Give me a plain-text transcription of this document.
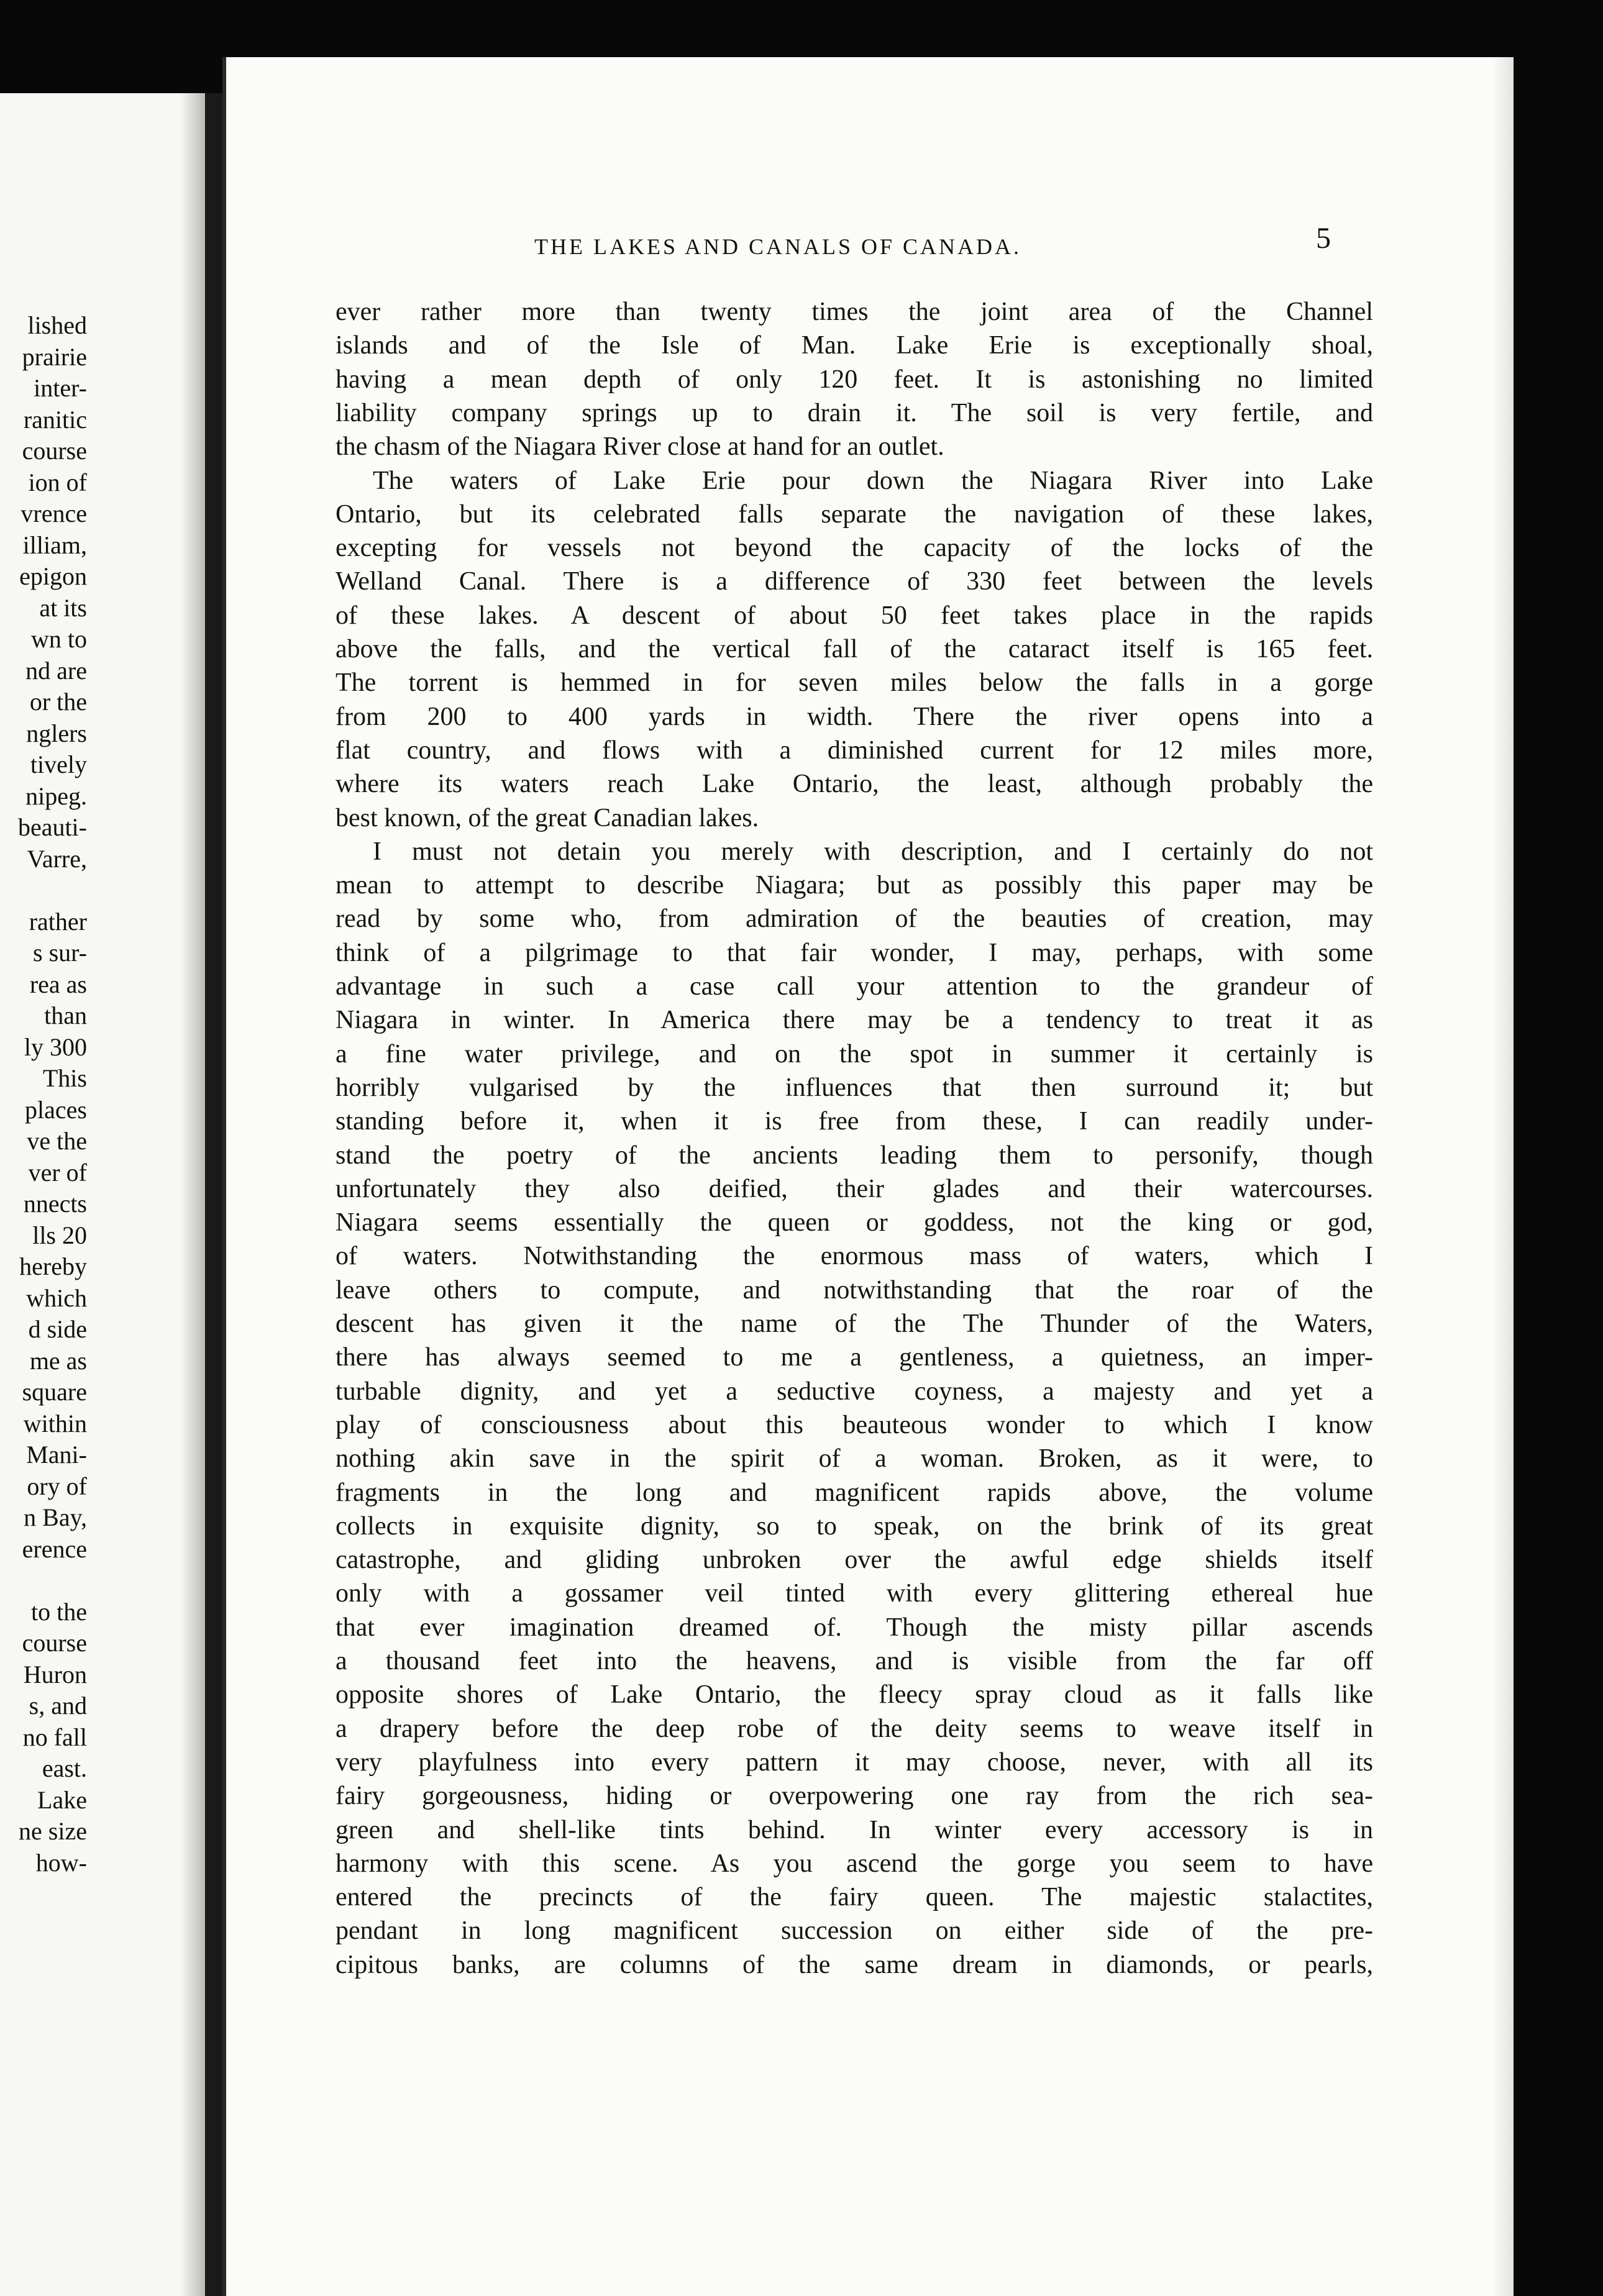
lished
prairie
inter-
ranitic
course
ion of
vrence
illiam,
epigon
at its
wn to
nd are
or the
nglers
tively
nipeg.
beauti-
Varre,
rather
s sur-
rea as
than
ly 300
This
places
ve the
ver of
nnects
lls 20
hereby
which
d side
me as
square
within
Mani-
ory of
n Bay,
erence
to the
course
Huron
s, and
no fall
east.
Lake
ne size
how-
THE LAKES AND CANALS OF CANADA.	5
ever rather more than twenty times the joint area of the Channel
islands and of the Isle of Man. Lake Erie is exceptionally shoal,
having a mean depth of only 120 feet. It is astonishing no limited
liability company springs up to drain it. The soil is very fertile, and
the chasm of the Niagara River close at hand for an outlet.
The waters of Lake Erie pour down the Niagara River into Lake
Ontario, but its celebrated falls separate the navigation of these lakes,
excepting for vessels not beyond the capacity of the locks of the
Welland Canal. There is a difference of 330 feet between the levels
of these lakes. A descent of about 50 feet takes place in the rapids
above the falls, and the vertical fall of the cataract itself is 165 feet.
The torrent is hemmed in for seven miles below the falls in a gorge
from 200 to 400 yards in width. There the river opens into a
flat country, and flows with a diminished current for 12 miles more,
where its waters reach Lake Ontario, the least, although probably the
best known, of the great Canadian lakes.
I must not detain you merely with description, and I certainly do not
mean to attempt to describe Niagara; but as possibly this paper may be
read by some who, from admiration of the beauties of creation, may
think of a pilgrimage to that fair wonder, I may, perhaps, with some
advantage in such a case call your attention to the grandeur of
Niagara in winter. In America there may be a tendency to treat it as
a fine water privilege, and on the spot in summer it certainly is
horribly vulgarised by the influences that then surround it; but
standing before it, when it is free from these, I can readily under-
stand the poetry of the ancients leading them to personify, though
unfortunately they also deified, their glades and their watercourses.
Niagara seems essentially the queen or goddess, not the king or god,
of waters. Notwithstanding the enormous mass of waters, which I
leave others to compute, and notwithstanding that the roar of the
descent has given it the name of the The Thunder of the Waters,
there has always seemed to me a gentleness, a quietness, an imper-
turbable dignity, and yet a seductive coyness, a majesty and yet a
play of consciousness about this beauteous wonder to which I know
nothing akin save in the spirit of a woman. Broken, as it were, to
fragments in the long and magnificent rapids above, the volume
collects in exquisite dignity, so to speak, on the brink of its great
catastrophe, and gliding unbroken over the awful edge shields itself
only with a gossamer veil tinted with every glittering ethereal hue
that ever imagination dreamed of. Though the misty pillar ascends
a thousand feet into the heavens, and is visible from the far off
opposite shores of Lake Ontario, the fleecy spray cloud as it falls like
a drapery before the deep robe of the deity seems to weave itself in
very playfulness into every pattern it may choose, never, with all its
fairy gorgeousness, hiding or overpowering one ray from the rich sea-
green and shell-like tints behind. In winter every accessory is in
harmony with this scene. As you ascend the gorge you seem to have
entered the precincts of the fairy queen. The majestic stalactites,
pendant in long magnificent succession on either side of the pre-
cipitous banks, are columns of the same dream in diamonds, or pearls,
